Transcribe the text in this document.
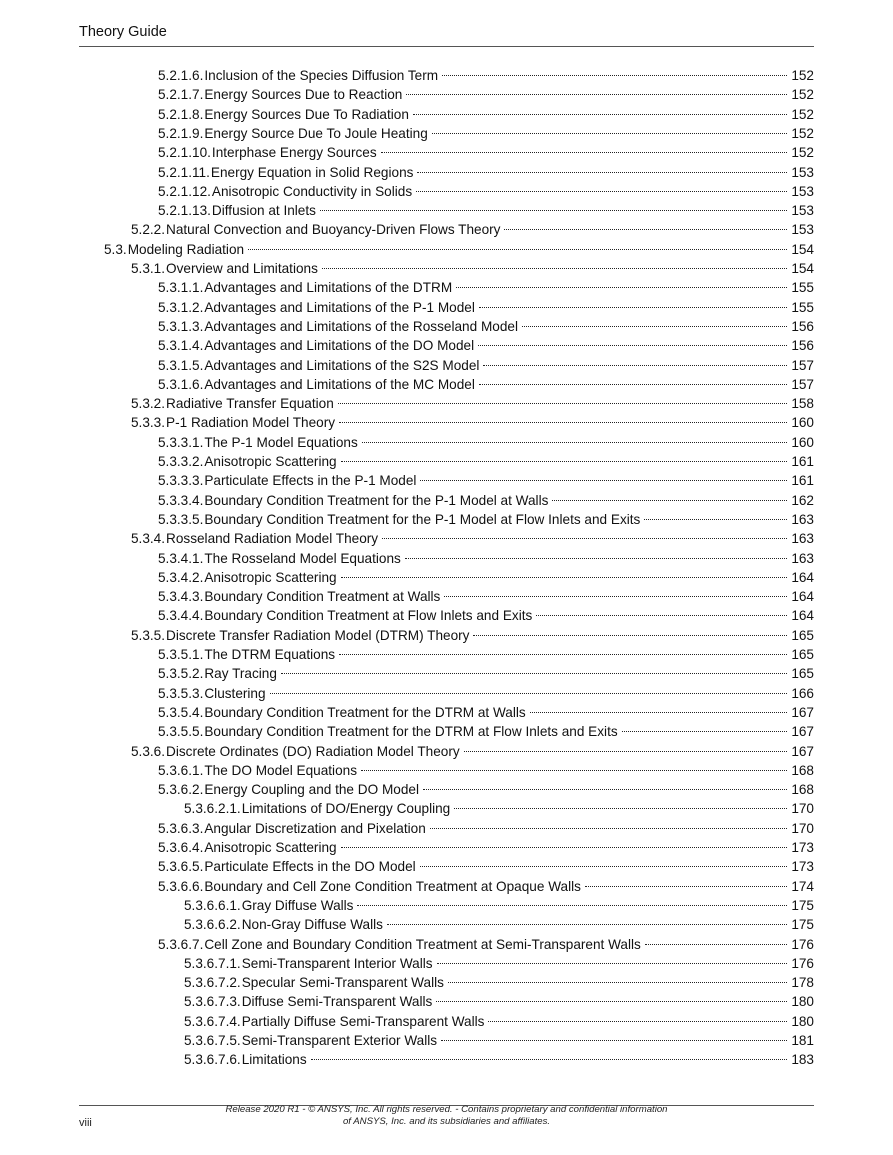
Theory Guide
5.2.1.6. Inclusion of the Species Diffusion Term	152
5.2.1.7. Energy Sources Due to Reaction	152
5.2.1.8. Energy Sources Due To Radiation	152
5.2.1.9. Energy Source Due To Joule Heating	152
5.2.1.10. Interphase Energy Sources	152
5.2.1.11. Energy Equation in Solid Regions	153
5.2.1.12. Anisotropic Conductivity in Solids	153
5.2.1.13. Diffusion at Inlets	153
5.2.2. Natural Convection and Buoyancy-Driven Flows Theory	153
5.3. Modeling Radiation	154
5.3.1. Overview and Limitations	154
5.3.1.1. Advantages and Limitations of the DTRM	155
5.3.1.2. Advantages and Limitations of the P-1 Model	155
5.3.1.3. Advantages and Limitations of the Rosseland Model	156
5.3.1.4. Advantages and Limitations of the DO Model	156
5.3.1.5. Advantages and Limitations of the S2S Model	157
5.3.1.6. Advantages and Limitations of the MC Model	157
5.3.2. Radiative Transfer Equation	158
5.3.3. P-1 Radiation Model Theory	160
5.3.3.1. The P-1 Model Equations	160
5.3.3.2. Anisotropic Scattering	161
5.3.3.3. Particulate Effects in the P-1 Model	161
5.3.3.4. Boundary Condition Treatment for the P-1 Model at Walls	162
5.3.3.5. Boundary Condition Treatment for the P-1 Model at Flow Inlets and Exits	163
5.3.4. Rosseland Radiation Model Theory	163
5.3.4.1. The Rosseland Model Equations	163
5.3.4.2. Anisotropic Scattering	164
5.3.4.3. Boundary Condition Treatment at Walls	164
5.3.4.4. Boundary Condition Treatment at Flow Inlets and Exits	164
5.3.5. Discrete Transfer Radiation Model (DTRM) Theory	165
5.3.5.1. The DTRM Equations	165
5.3.5.2. Ray Tracing	165
5.3.5.3. Clustering	166
5.3.5.4. Boundary Condition Treatment for the DTRM at Walls	167
5.3.5.5. Boundary Condition Treatment for the DTRM at Flow Inlets and Exits	167
5.3.6. Discrete Ordinates (DO) Radiation Model Theory	167
5.3.6.1. The DO Model Equations	168
5.3.6.2. Energy Coupling and the DO Model	168
5.3.6.2.1. Limitations of DO/Energy Coupling	170
5.3.6.3. Angular Discretization and Pixelation	170
5.3.6.4. Anisotropic Scattering	173
5.3.6.5. Particulate Effects in the DO Model	173
5.3.6.6. Boundary and Cell Zone Condition Treatment at Opaque Walls	174
5.3.6.6.1. Gray Diffuse Walls	175
5.3.6.6.2. Non-Gray Diffuse Walls	175
5.3.6.7. Cell Zone and Boundary Condition Treatment at Semi-Transparent Walls	176
5.3.6.7.1. Semi-Transparent Interior Walls	176
5.3.6.7.2. Specular Semi-Transparent Walls	178
5.3.6.7.3. Diffuse Semi-Transparent Walls	180
5.3.6.7.4. Partially Diffuse Semi-Transparent Walls	180
5.3.6.7.5. Semi-Transparent Exterior Walls	181
5.3.6.7.6. Limitations	183
viii
Release 2020 R1 - © ANSYS, Inc. All rights reserved. - Contains proprietary and confidential information
of ANSYS, Inc. and its subsidiaries and affiliates.
